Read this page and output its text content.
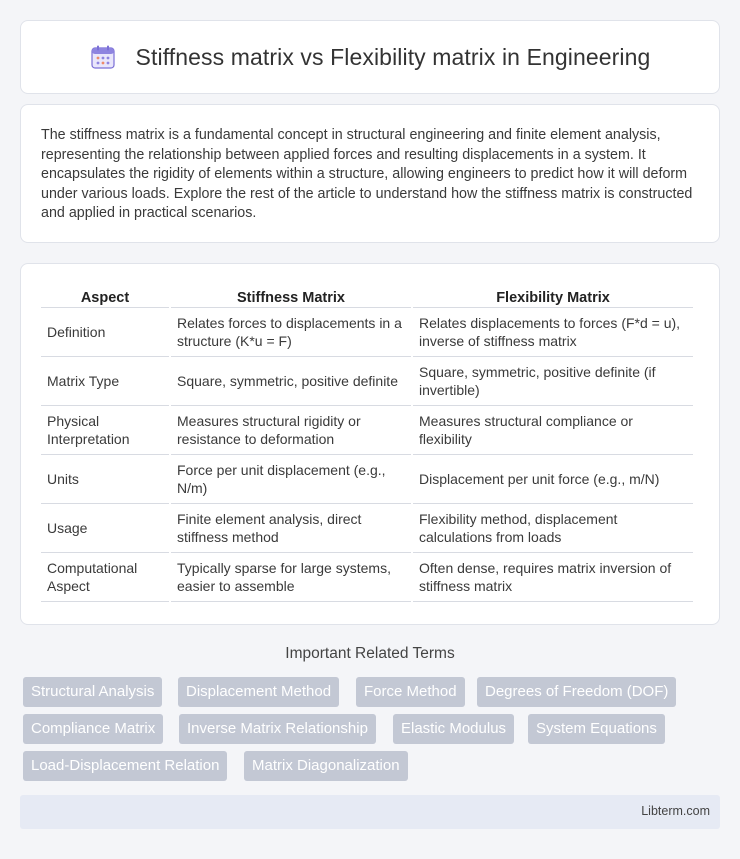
Stiffness matrix vs Flexibility matrix in Engineering

The stiffness matrix is a fundamental concept in structural engineering and finite element analysis, representing the relationship between applied forces and resulting displacements in a system. It encapsulates the rigidity of elements within a structure, allowing engineers to predict how it will deform under various loads. Explore the rest of the article to understand how the stiffness matrix is constructed and applied in practical scenarios.

Aspect	Stiffness Matrix	Flexibility Matrix
Definition	Relates forces to displacements in a structure (K*u = F)	Relates displacements to forces (F*d = u), inverse of stiffness matrix
Matrix Type	Square, symmetric, positive definite	Square, symmetric, positive definite (if invertible)
Physical Interpretation	Measures structural rigidity or resistance to deformation	Measures structural compliance or flexibility
Units	Force per unit displacement (e.g., N/m)	Displacement per unit force (e.g., m/N)
Usage	Finite element analysis, direct stiffness method	Flexibility method, displacement calculations from loads
Computational Aspect	Typically sparse for large systems, easier to assemble	Often dense, requires matrix inversion of stiffness matrix
Important Related Terms
Structural Analysis	Displacement Method	Force Method	Degrees of Freedom (DOF)
Compliance Matrix	Inverse Matrix Relationship	Elastic Modulus	System Equations
Load-Displacement Relation	Matrix Diagonalization
Libterm.com
